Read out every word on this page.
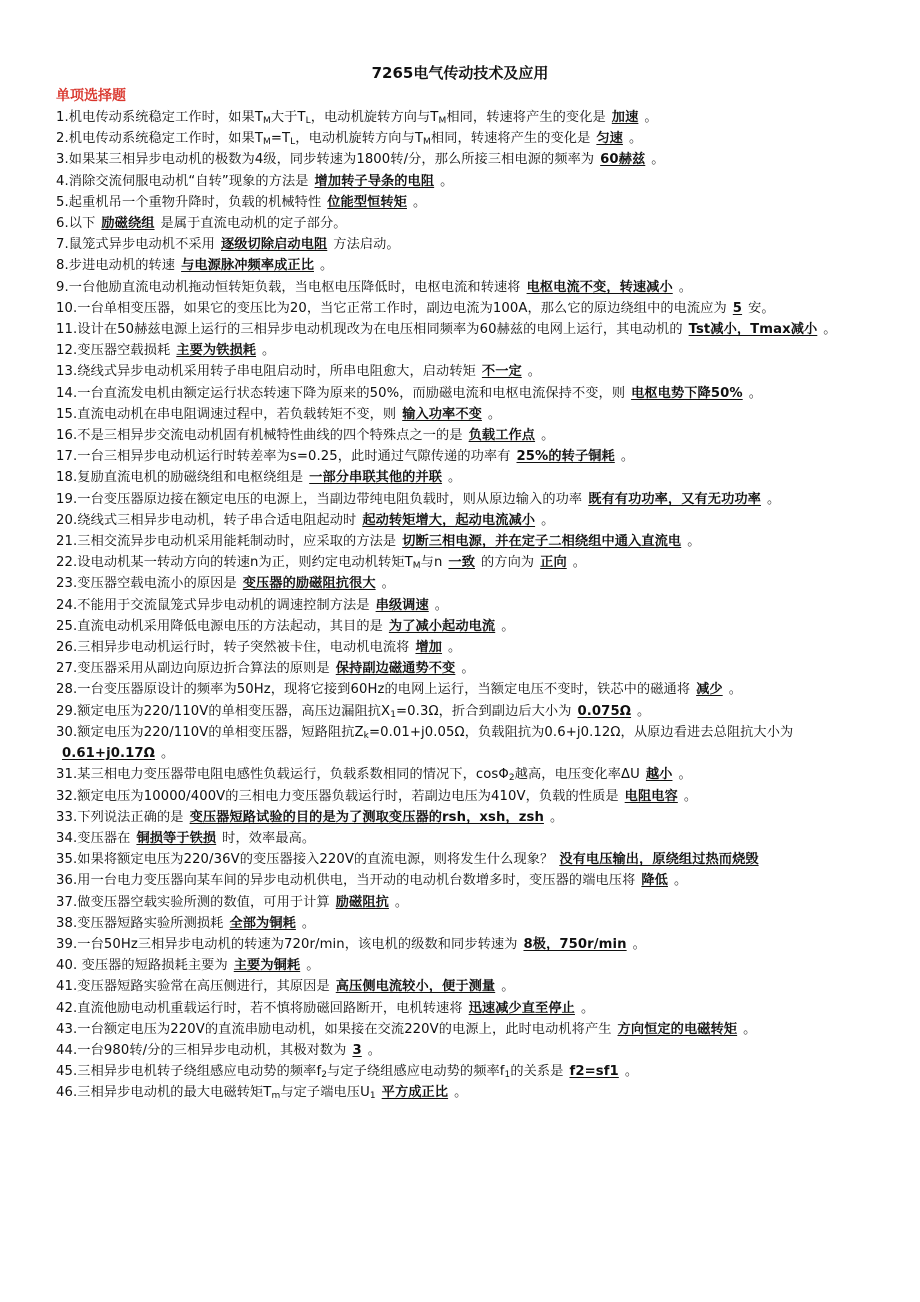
7265电气传动技术及应用
单项选择题
1.机电传动系统稳定工作时，如果$T_M$大于$T_L$，电动机旋转方向与$T_M$相同，转速将产生的变化是 加速 。
2.机电传动系统稳定工作时，如果$T_M=T_L$，电动机旋转方向与$T_M$相同，转速将产生的变化是 匀速 。
3.如果某三相异步电动机的极数为4级，同步转速为1800转/分，那么所接三相电源的频率为 60赫兹 。
4.消除交流伺服电动机“自转”现象的方法是 增加转子导条的电阻 。
5.起重机吊一个重物升降时，负载的机械特性 位能型恒转矩 。
6.以下 励磁绕组 是属于直流电动机的定子部分。
7.鼠笼式异步电动机不采用 逐级切除启动电阻 方法启动。
8.步进电动机的转速 与电源脉冲频率成正比 。
9.一台他励直流电动机拖动恒转矩负载，当电枢电压降低时，电枢电流和转速将 电枢电流不变，转速减小 。
10.一台单相变压器，如果它的变压比为20，当它正常工作时，副边电流为100A，那么它的原边绕组中的电流应为 5 安。
11.设计在50赫兹电源上运行的三相异步电动机现改为在电压相同频率为60赫兹的电网上运行，其电动机的 Tst减小，Tmax减小 。
12.变压器空载损耗 主要为铁损耗 。
13.绕线式异步电动机采用转子串电阻启动时，所串电阻愈大，启动转矩 不一定 。
14.一台直流发电机由额定运行状态转速下降为原来的50%，而励磁电流和电枢电流保持不变，则 电枢电势下降50% 。
15.直流电动机在串电阻调速过程中，若负载转矩不变，则 输入功率不变 。
16.不是三相异步交流电动机固有机械特性曲线的四个特殊点之一的是 负载工作点 。
17.一台三相异步电动机运行时转差率为s=0.25，此时通过气隙传递的功率有 25%的转子铜耗 。
18.复励直流电机的励磁绕组和电枢绕组是 一部分串联其他的并联 。
19.一台变压器原边接在额定电压的电源上，当副边带纯电阻负载时，则从原边输入的功率 既有有功功率，又有无功功率 。
20.绕线式三相异步电动机，转子串合适电阻起动时 起动转矩增大，起动电流减小 。
21.三相交流异步电动机采用能耗制动时，应采取的方法是 切断三相电源，并在定子二相绕组中通入直流电 。
22.设电动机某一转动方向的转速n为正，则约定电动机转矩$T_M$与n 一致 的方向为 正向 。
23.变压器空载电流小的原因是 变压器的励磁阻抗很大 。
24.不能用于交流鼠笼式异步电动机的调速控制方法是 串级调速 。
25.直流电动机采用降低电源电压的方法起动，其目的是 为了减小起动电流 。
26.三相异步电动机运行时，转子突然被卡住，电动机电流将 增加 。
27.变压器采用从副边向原边折合算法的原则是 保持副边磁通势不变 。
28.一台变压器原设计的频率为50Hz，现将它接到60Hz的电网上运行，当额定电压不变时，铁芯中的磁通将 减少 。
29.额定电压为220/110V的单相变压器，高压边漏阻抗$X_1=0.3\Omega$，折合到副边后大小为 0.075Ω 。
30.额定电压为220/110V的单相变压器，短路阻抗$Z_k=0.01+j0.05\Omega$，负载阻抗为0.6+j0.12Ω，从原边看进去总阻抗大小为0.61+j0.17Ω 。
31.某三相电力变压器带电阻电感性负载运行，负载系数相同的情况下，cosΦ$_2$越高，电压变化率ΔU 越小 。
32.额定电压为10000/400V的三相电力变压器负载运行时，若副边电压为410V，负载的性质是 电阻电容 。
33.下列说法正确的是 变压器短路试验的目的是为了测取变压器的rsh，xsh，zsh 。
34.变压器在 铜损等于铁损 时，效率最高。
35.如果将额定电压为220/36V的变压器接入220V的直流电源，则将发生什么现象？ 没有电压输出，原绕组过热而烧毁
36.用一台电力变压器向某车间的异步电动机供电，当开动的电动机台数增多时，变压器的端电压将 降低 。
37.做变压器空载实验所测的数值，可用于计算 励磁阻抗 。
38.变压器短路实验所测损耗 全部为铜耗 。
39.一台50Hz三相异步电动机的转速为720r/min，该电机的级数和同步转速为 8极，750r/min 。
40. 变压器的短路损耗主要为 主要为铜耗 。
41.变压器短路实验常在高压侧进行，其原因是 高压侧电流较小，便于测量 。
42.直流他励电动机重载运行时，若不慎将励磁回路断开，电机转速将 迅速减少直至停止 。
43.一台额定电压为220V的直流串励电动机，如果接在交流220V的电源上，此时电动机将产生 方向恒定的电磁转矩 。
44.一台980转/分的三相异步电动机，其极对数为 3 。
45.三相异步电机转子绕组感应电动势的频率$f_2$与定子绕组感应电动势的频率$f_1$的关系是 f2=sf1 。
46.三相异步电动机的最大电磁转矩$T_m$与定子端电压$U_1$ 平方成正比 。
